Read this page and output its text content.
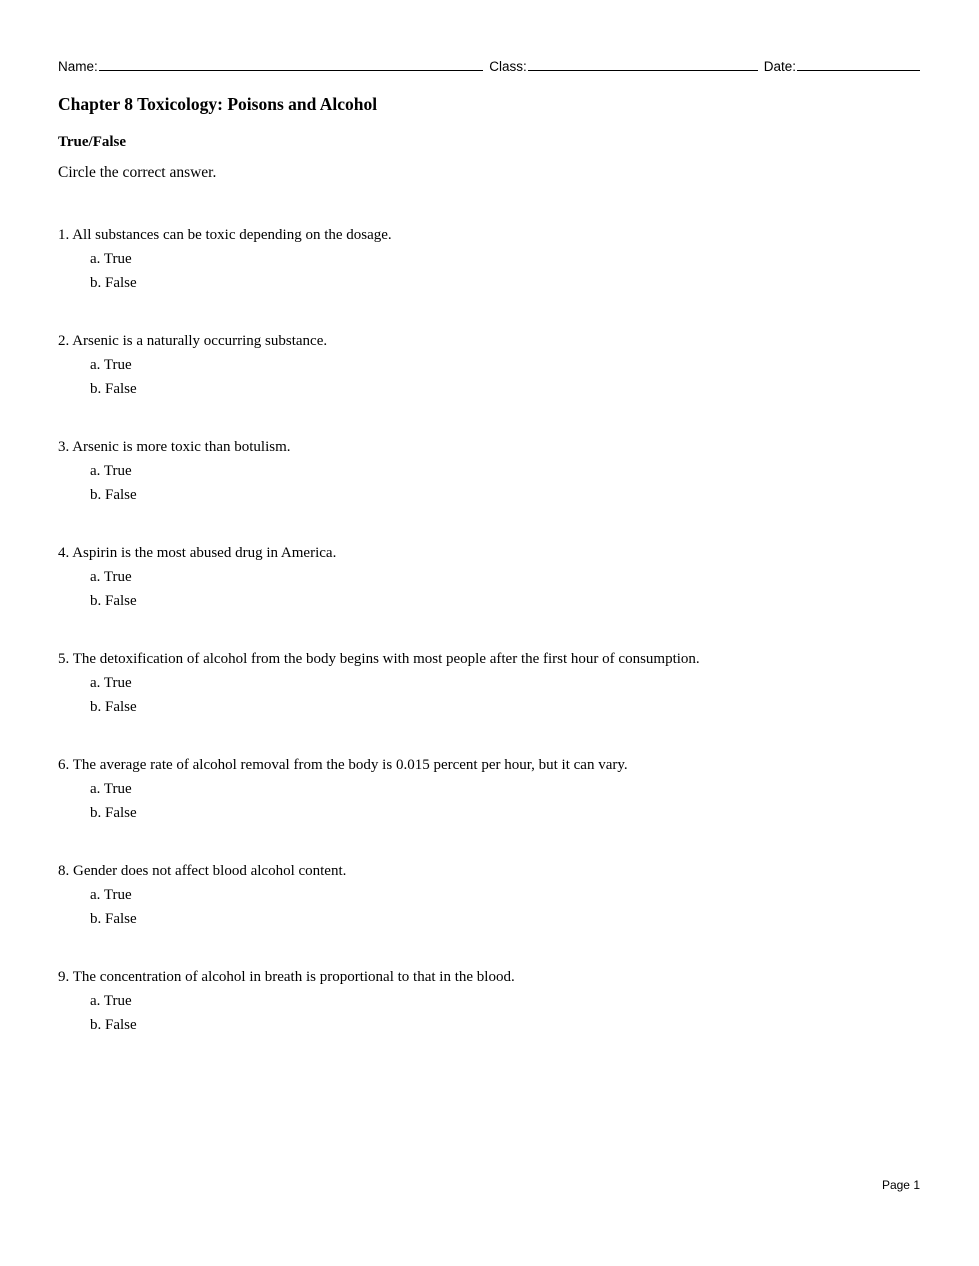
Name:	Class:	Date:
Chapter 8 Toxicology: Poisons and Alcohol
True/False
Circle the correct answer.
1. All substances can be toxic depending on the dosage.
a. True
b. False
2. Arsenic is a naturally occurring substance.
a. True
b. False
3. Arsenic is more toxic than botulism.
a. True
b. False
4. Aspirin is the most abused drug in America.
a. True
b. False
5. The detoxification of alcohol from the body begins with most people after the first hour of consumption.
a. True
b. False
6. The average rate of alcohol removal from the body is 0.015 percent per hour, but it can vary.
a. True
b. False
8. Gender does not affect blood alcohol content.
a. True
b. False
9. The concentration of alcohol in breath is proportional to that in the blood.
a. True
b. False
Page 1
